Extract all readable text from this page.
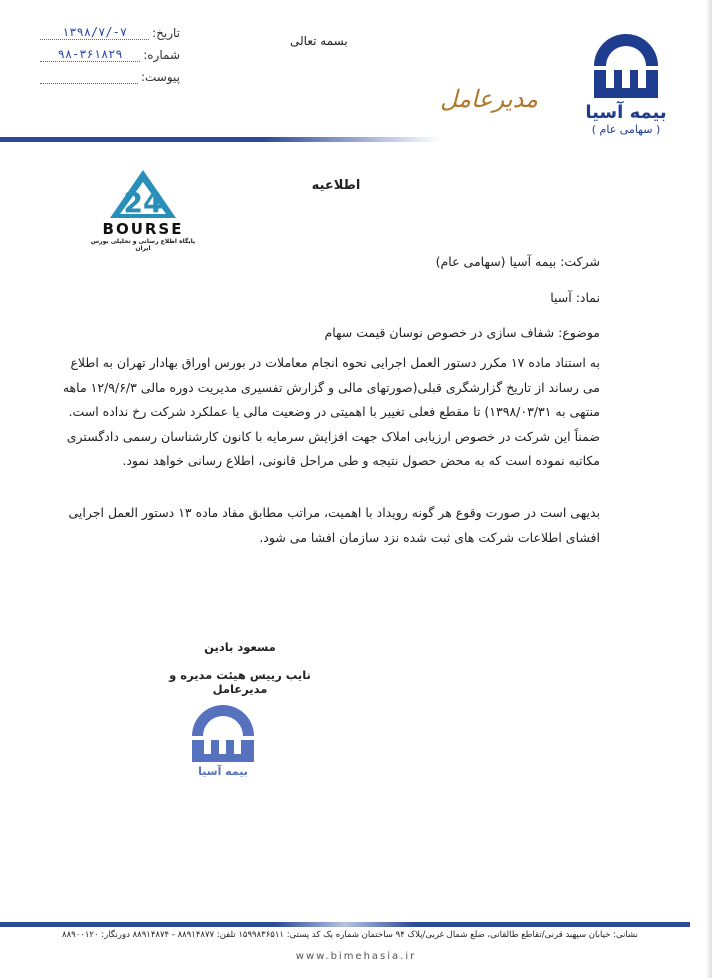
بیمه آسیا
( سهامی عام )
مدیرعامل
بسمه تعالی
تاریخ:
۱۳۹۸/۷/-۷
شماره:
۹۸-۳۶۱۸۲۹
پیوست:
24
BOURSE
پایگاه اطلاع رسانی و تحلیلی بورس ایران
اطلاعیه
شرکت: بیمه آسیا (سهامی عام)
نماد: آسیا
موضوع: شفاف سازی در خصوص نوسان قیمت سهام
به استناد ماده ۱۷ مکرر دستور العمل اجرایی نحوه انجام معاملات در بورس اوراق بهادار تهران به اطلاع
می رساند از تاریخ گزارشگری قبلی(صورتهای مالی و گزارش تفسیری مدیریت دوره مالی ۱۲/۹/۶/۳ ماهه
منتهی به ۱۳۹۸/۰۳/۳۱) تا مقطع فعلی تغییر با اهمیتی در وضعیت مالی یا عملکرد شرکت رخ نداده است.
ضمناً این شرکت در خصوص ارزیابی املاک جهت افزایش سرمایه با کانون کارشناسان رسمی دادگستری
مکاتبه نموده است که به محض حصول نتیجه و طی مراحل قانونی، اطلاع رسانی خواهد نمود.
بدیهی است در صورت وقوع هر گونه رویداد با اهمیت، مراتب مطابق مفاد ماده ۱۳ دستور العمل اجرایی
افشای اطلاعات شرکت های ثبت شده نزد سازمان افشا می شود.
مسعود بادین
نایب رییس هیئت مدیره و مدیرعامل
بیمه آسیا
نشانی: خیابان سپهبد قرنی/تقاطع طالقانی، ضلع شمال غربی/پلاک ۹۴ ساختمان شماره یک کد پستی: ۱۵۹۹۸۳۶۵۱۱ تلفن: ۸۸۹۱۴۸۷۷ - ۸۸۹۱۴۸۷۴ دورنگار: ۸۸۹۰۰۱۲۰
www.bimehasia.ir
